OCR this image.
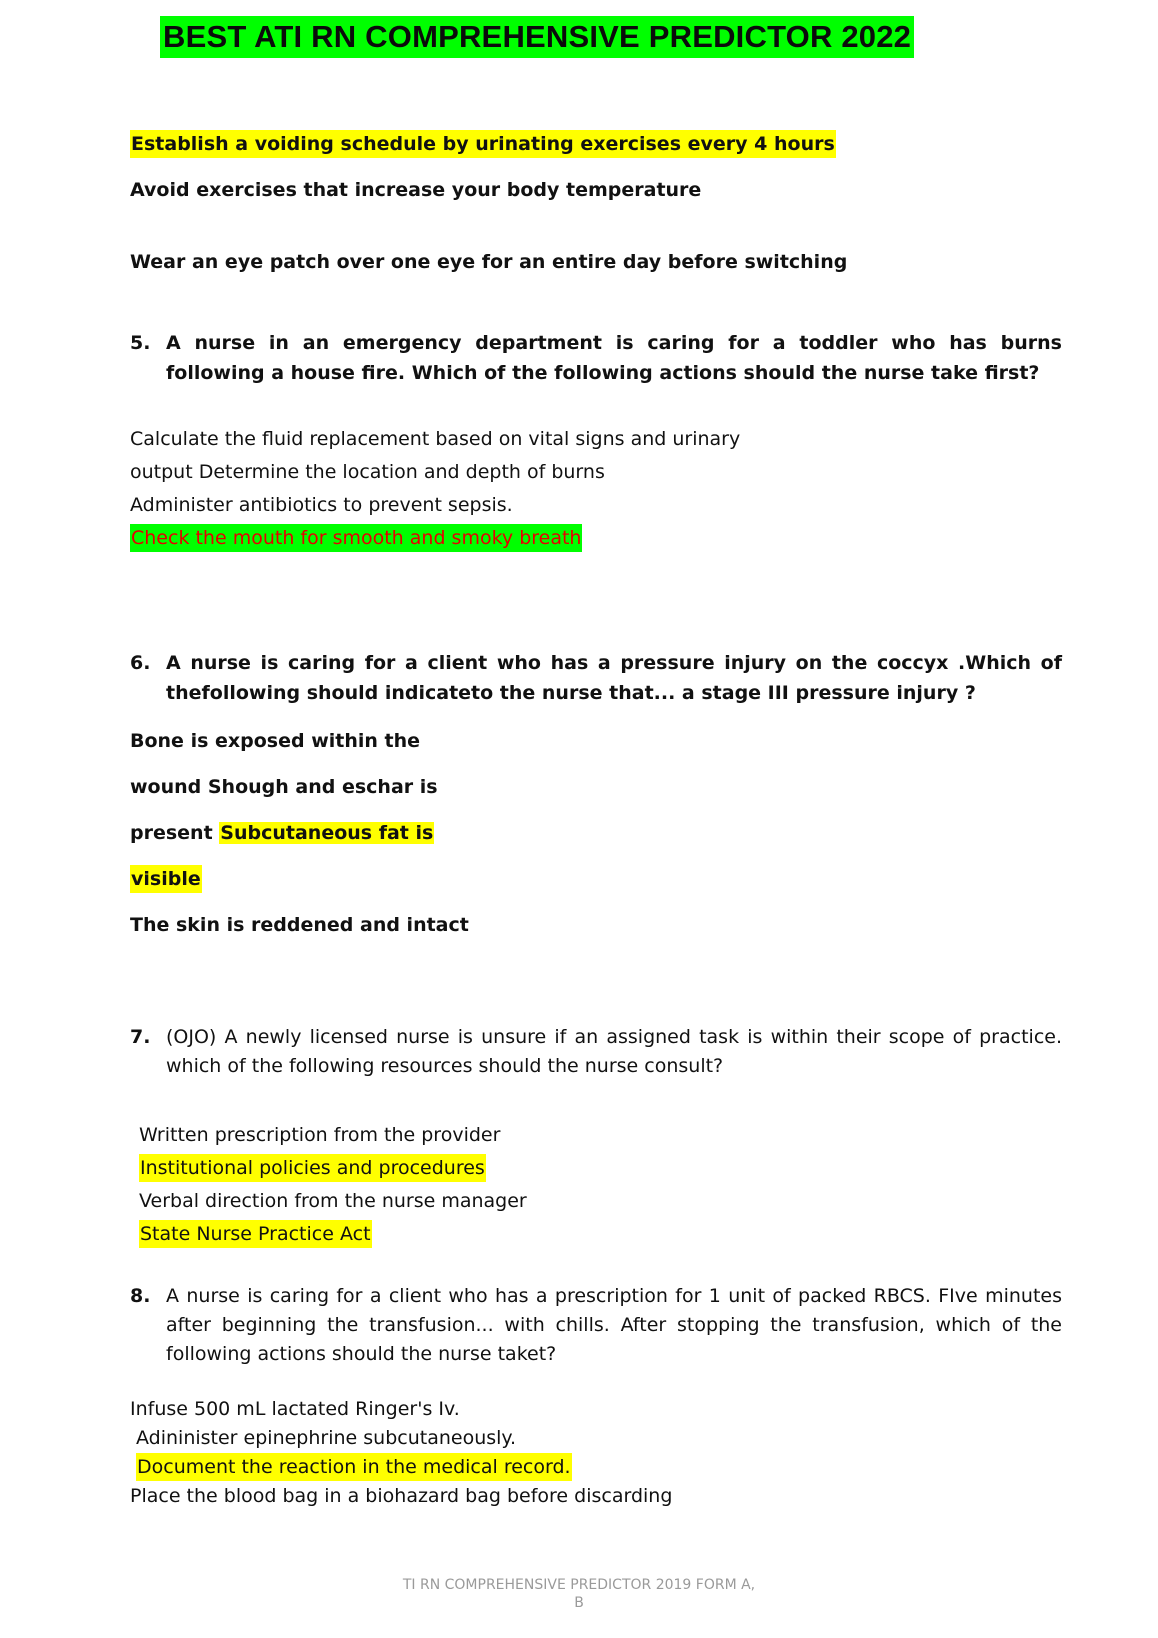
BEST ATI RN COMPREHENSIVE PREDICTOR 2022
Establish a voiding schedule by urinating exercises every 4 hours
Avoid exercises that increase your body temperature
Wear an eye patch over one eye for an entire day before switching
5. A nurse in an emergency department is caring for a toddler who has burns following a house fire. Which of the following actions should the nurse take first?
Calculate the fluid replacement based on vital signs and urinary
output Determine the location and depth of burns
Administer antibiotics to prevent sepsis.
Check the mouth for smooth and smoky breath
6. A nurse is caring for a client who has a pressure injury on the coccyx .Which of thefollowing should indicateto the nurse that... a stage III pressure injury ?
Bone is exposed within the
wound Shough and eschar is
present Subcutaneous fat is
visible
The skin is reddened and intact
7. (OJO) A newly licensed nurse is unsure if an assigned task is within their scope of practice. which of the following resources should the nurse consult?
Written prescription from the provider
Institutional policies and procedures
Verbal direction from the nurse manager
State Nurse Practice Act
8. A nurse is caring for a client who has a prescription for 1 unit of packed RBCS. FIve minutes after beginning the transfusion... with chills. After stopping the transfusion, which of the following actions should the nurse taket?
Infuse 500 mL lactated Ringer's Iv.
Adininister epinephrine subcutaneously.
Document the reaction in the medical record.
Place the blood bag in a biohazard bag before discarding
TI RN COMPREHENSIVE PREDICTOR 2019 FORM A,
B
